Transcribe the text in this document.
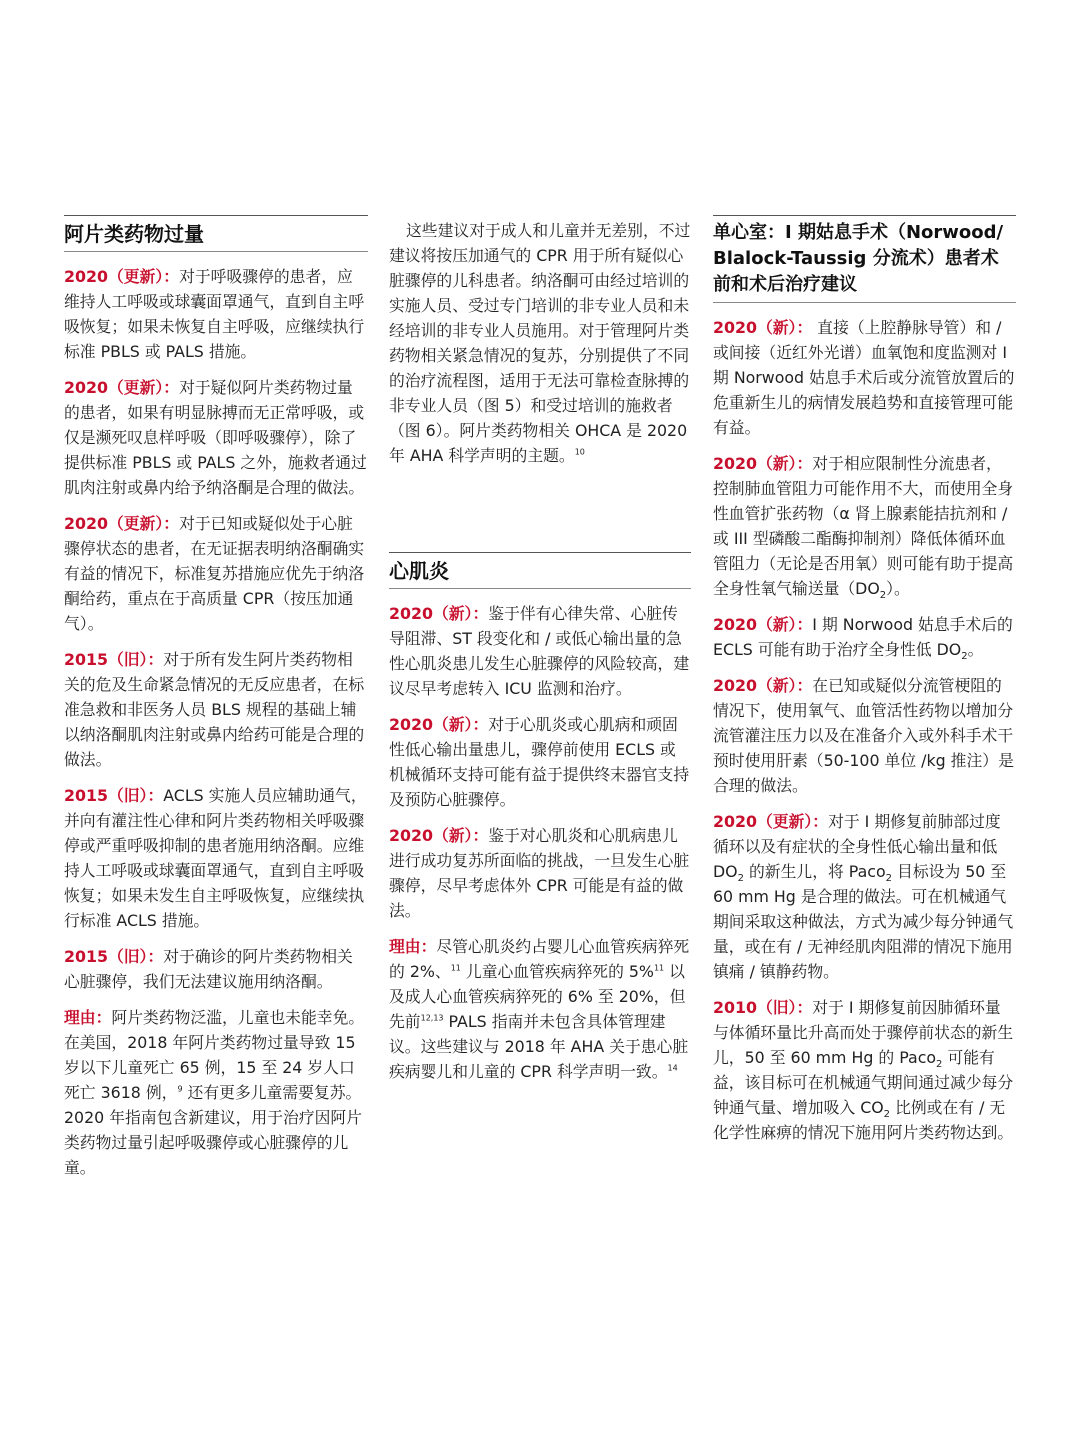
阿片类药物过量

2020（更新）：对于呼吸骤停的患者，应维持人工呼吸或球囊面罩通气，直到自主呼吸恢复；如果未恢复自主呼吸，应继续执行标准 PBLS 或 PALS 措施。

2020（更新）：对于疑似阿片类药物过量的患者，如果有明显脉搏而无正常呼吸，或仅是濒死叹息样呼吸（即呼吸骤停），除了提供标准 PBLS 或 PALS 之外，施救者通过肌肉注射或鼻内给予纳洛酮是合理的做法。

2020（更新）：对于已知或疑似处于心脏骤停状态的患者，在无证据表明纳洛酮确实有益的情况下，标准复苏措施应优先于纳洛酮给药，重点在于高质量 CPR（按压加通气）。

2015（旧）：对于所有发生阿片类药物相关的危及生命紧急情况的无反应患者，在标准急救和非医务人员 BLS 规程的基础上辅以纳洛酮肌肉注射或鼻内给药可能是合理的做法。

2015（旧）：ACLS 实施人员应辅助通气，并向有灌注性心律和阿片类药物相关呼吸骤停或严重呼吸抑制的患者施用纳洛酮。应维持人工呼吸或球囊面罩通气，直到自主呼吸恢复；如果未发生自主呼吸恢复，应继续执行标准 ACLS 措施。

2015（旧）：对于确诊的阿片类药物相关心脏骤停，我们无法建议施用纳洛酮。

理由：阿片类药物泛滥，儿童也未能幸免。在美国，2018 年阿片类药物过量导致 15 岁以下儿童死亡 65 例，15 至 24 岁人口死亡 3618 例，$^9$ 还有更多儿童需要复苏。2020 年指南包含新建议，用于治疗因阿片类药物过量引起呼吸骤停或心脏骤停的儿童。

这些建议对于成人和儿童并无差别，不过建议将按压加通气的 CPR 用于所有疑似心脏骤停的儿科患者。纳洛酮可由经过培训的实施人员、受过专门培训的非专业人员和未经培训的非专业人员施用。对于管理阿片类药物相关紧急情况的复苏，分别提供了不同的治疗流程图，适用于无法可靠检查脉搏的非专业人员（图 5）和受过培训的施救者（图 6）。阿片类药物相关 OHCA 是 2020 年 AHA 科学声明的主题。$^{10}$

心肌炎

2020（新）：鉴于伴有心律失常、心脏传导阻滞、ST 段变化和 / 或低心输出量的急性心肌炎患儿发生心脏骤停的风险较高，建议尽早考虑转入 ICU 监测和治疗。

2020（新）：对于心肌炎或心肌病和顽固性低心输出量患儿，骤停前使用 ECLS 或机械循环支持可能有益于提供终末器官支持及预防心脏骤停。

2020（新）：鉴于对心肌炎和心肌病患儿进行成功复苏所面临的挑战，一旦发生心脏骤停，尽早考虑体外 CPR 可能是有益的做法。

理由：尽管心肌炎约占婴儿心血管疾病猝死的 2%、$^{11}$ 儿童心血管疾病猝死的 5%$^{11}$ 以及成人心血管疾病猝死的 6% 至 20%，但先前$^{12,13}$ PALS 指南并未包含具体管理建议。这些建议与 2018 年 AHA 关于患心脏疾病婴儿和儿童的 CPR 科学声明一致。$^{14}$

单心室：I 期姑息手术（Norwood/ Blalock-Taussig 分流术）患者术前和术后治疗建议

2020（新）： 直接（上腔静脉导管）和 / 或间接（近红外光谱）血氧饱和度监测对 I 期 Norwood 姑息手术后或分流管放置后的危重新生儿的病情发展趋势和直接管理可能有益。

2020（新）：对于相应限制性分流患者，控制肺血管阻力可能作用不大，而使用全身性血管扩张药物（α 肾上腺素能拮抗剂和 / 或 III 型磷酸二酯酶抑制剂）降低体循环血管阻力（无论是否用氧）则可能有助于提高全身性氧气输送量$(DO_2)$。

2020（新）：I 期 Norwood 姑息手术后的 ECLS 可能有助于治疗全身性低 $DO_2$。

2020（新）：在已知或疑似分流管梗阻的情况下，使用氧气、血管活性药物以增加分流管灌注压力以及在准备介入或外科手术干预时使用肝素（50-100 单位 /kg 推注）是合理的做法。

2020（更新）：对于 I 期修复前肺部过度循环以及有症状的全身性低心输出量和低 $DO_2$ 的新生儿，将 Paco$_2$ 目标设为 50 至 60 mm Hg 是合理的做法。可在机械通气期间采取这种做法，方式为减少每分钟通气量，或在有 / 无神经肌肉阻滞的情况下施用镇痛 / 镇静药物。

2010（旧）：对于 I 期修复前因肺循环量与体循环量比升高而处于骤停前状态的新生儿，50 至 60 mm Hg 的 Paco$_2$ 可能有益，该目标可在机械通气期间通过减少每分钟通气量、增加吸入 $CO_2$ 比例或在有 / 无化学性麻痹的情况下施用阿片类药物达到。
